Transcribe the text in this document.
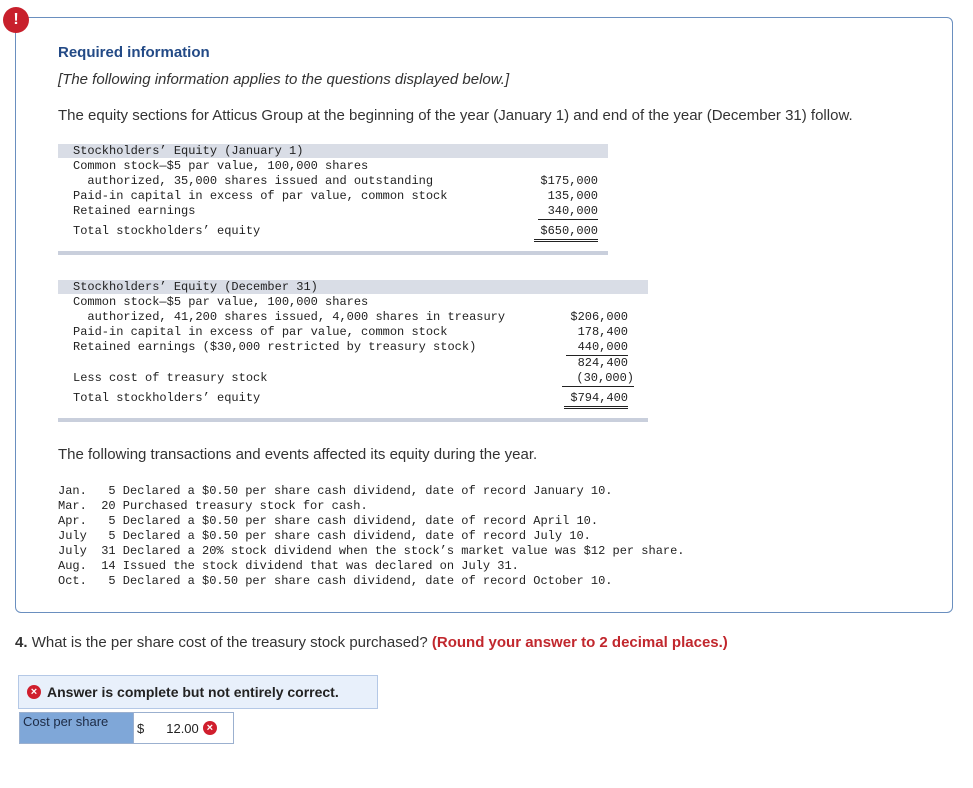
!

Required information

[The following information applies to the questions displayed below.]

The equity sections for Atticus Group at the beginning of the year (January 1) and end of the year (December 31) follow.

Stockholders’ Equity (January 1)
Common stock—$5 par value, 100,000 shares
authorized, 35,000 shares issued and outstanding
Paid-in capital in excess of par value, common stock
Retained earnings
Total stockholders’ equity
$175,000
135,000
340,000
$650,000
Stockholders’ Equity (December 31)
Common stock—$5 par value, 100,000 shares
authorized, 41,200 shares issued, 4,000 shares in treasury
Paid-in capital in excess of par value, common stock
Retained earnings ($30,000 restricted by treasury stock)
Less cost of treasury stock
Total stockholders’ equity
$206,000
178,400
440,000
824,400
(30,000)
$794,400

The following transactions and events affected its equity during the year.

Jan.   5 Declared a $0.50 per share cash dividend, date of record January 10.
Mar.  20 Purchased treasury stock for cash.
Apr.   5 Declared a $0.50 per share cash dividend, date of record April 10.
July   5 Declared a $0.50 per share cash dividend, date of record July 10.
July  31 Declared a 20% stock dividend when the stock’s market value was $12 per share.
Aug.  14 Issued the stock dividend that was declared on July 31.
Oct.   5 Declared a $0.50 per share cash dividend, date of record October 10.

4. What is the per share cost of the treasury stock purchased? (Round your answer to 2 decimal places.)

× Answer is complete but not entirely correct.
Cost per share	$ 12.00 ×
